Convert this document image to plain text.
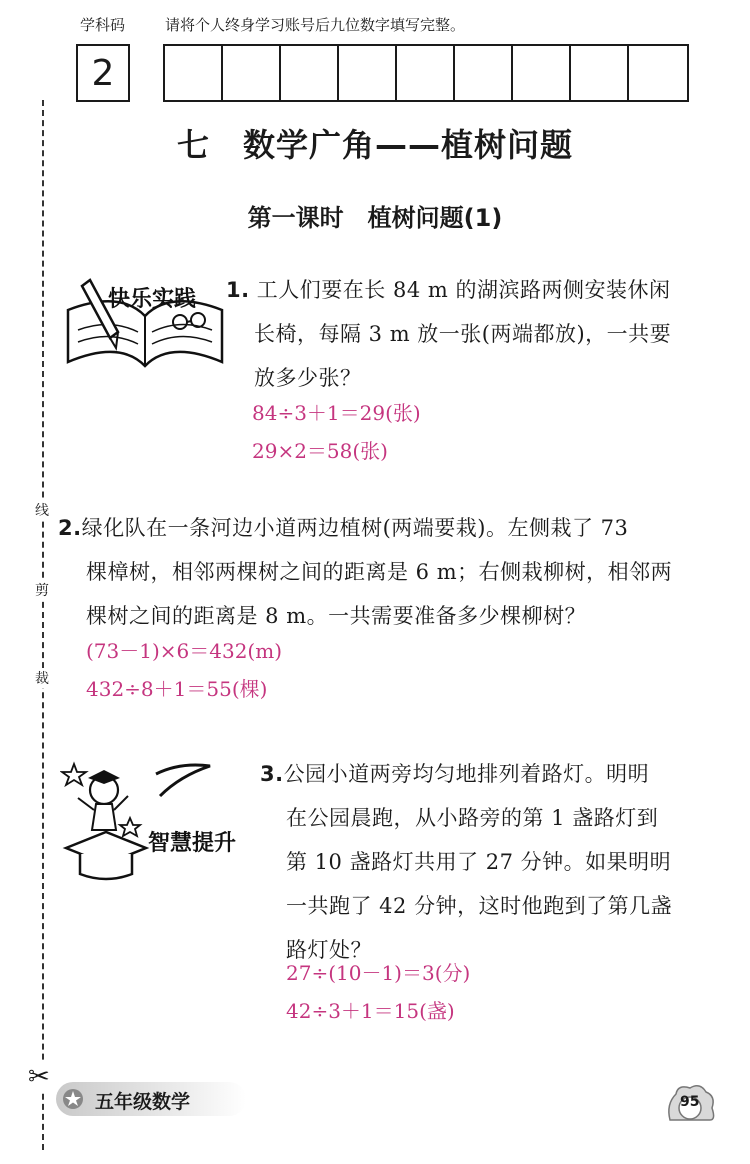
学科码	请将个人终身学习账号后九位数字填写完整。
2
线
剪
裁
✂
七　数学广角——植树问题
第一课时　植树问题(1)
快乐实践 1. 工人们要在长 84 m 的湖滨路两侧安装休闲
长椅，每隔 3 m 放一张(两端都放)，一共要
放多少张？
84÷3＋1＝29(张)
29×2＝58(张)
2.绿化队在一条河边小道两边植树(两端要栽)。左侧栽了 73
棵樟树，相邻两棵树之间的距离是 6 m；右侧栽柳树，相邻两
棵树之间的距离是 8 m。一共需要准备多少棵柳树？
(73－1)×6＝432(m)
432÷8＋1＝55(棵)
智慧提升
3.公园小道两旁均匀地排列着路灯。明明
在公园晨跑，从小路旁的第 1 盏路灯到
第 10 盏路灯共用了 27 分钟。如果明明
一共跑了 42 分钟，这时他跑到了第几盏
路灯处？
27÷(10－1)＝3(分)
42÷3＋1＝15(盏)
五年级数学	95
